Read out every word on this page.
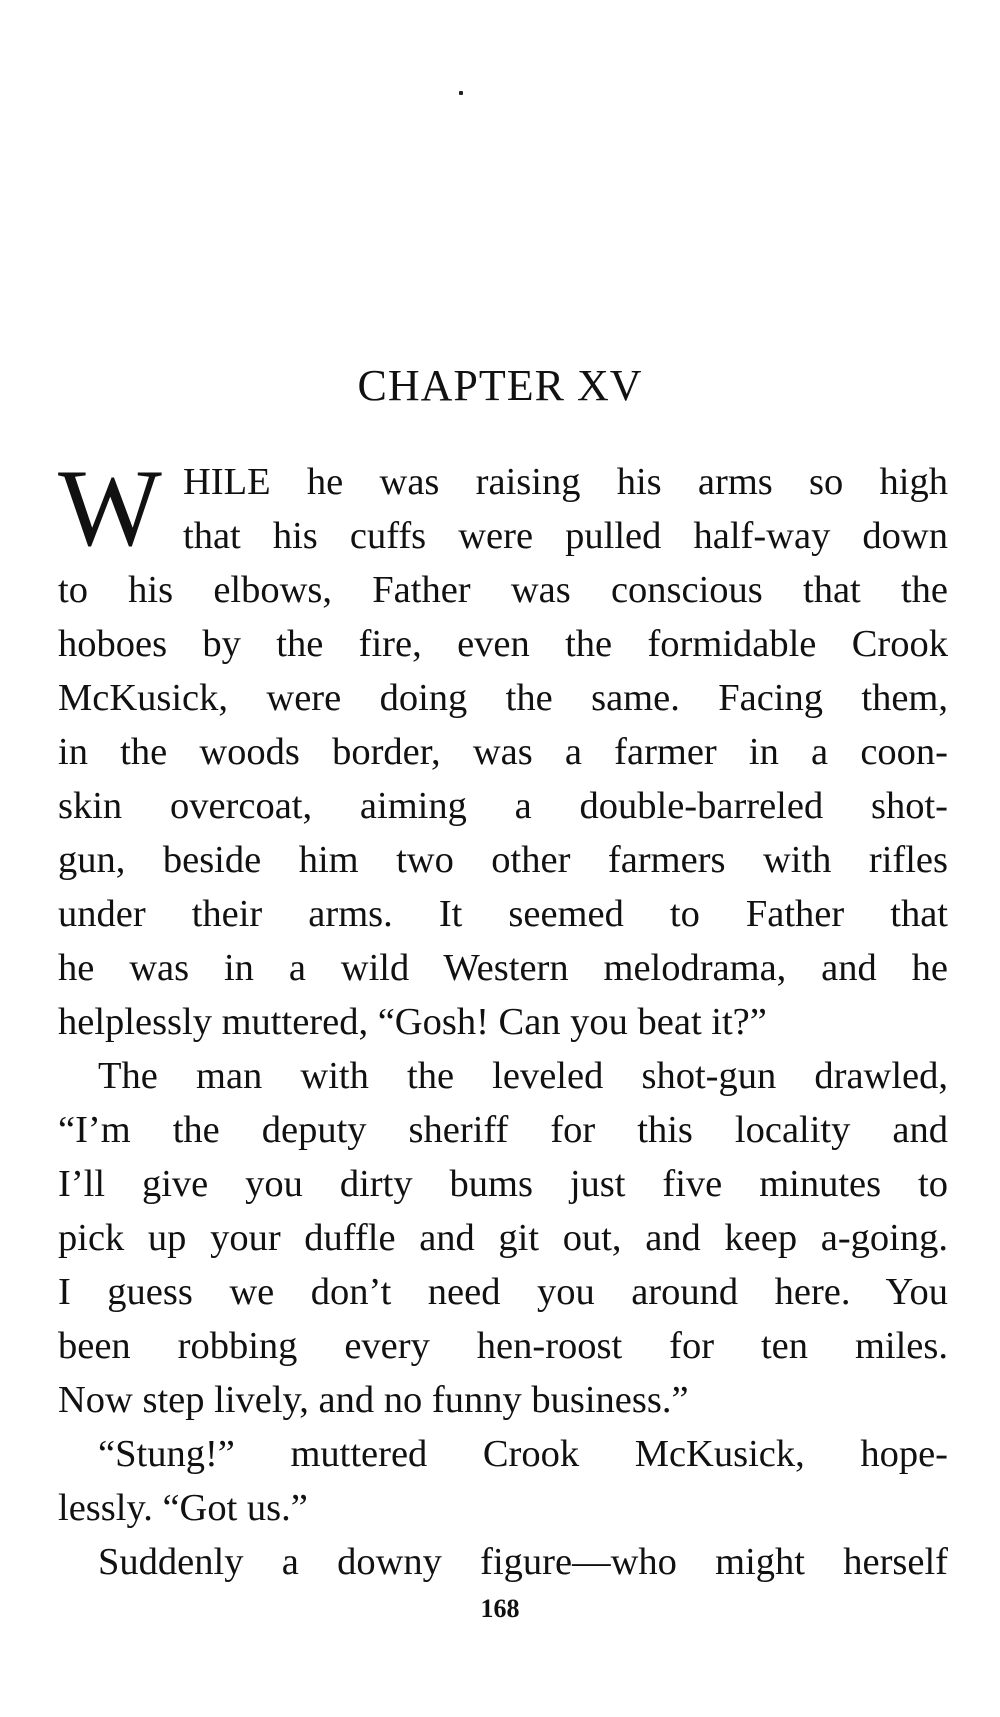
CHAPTER XV
W HILE he was raising his arms so high
that his cuffs were pulled half-way down
to his elbows, Father was conscious that the
hoboes by the fire, even the formidable Crook
McKusick, were doing the same. Facing them,
in the woods border, was a farmer in a coon-
skin overcoat, aiming a double-barreled shot-
gun, beside him two other farmers with rifles
under their arms. It seemed to Father that
he was in a wild Western melodrama, and he
helplessly muttered, “Gosh! Can you beat it?”
The man with the leveled shot-gun drawled,
“I’m the deputy sheriff for this locality and
I’ll give you dirty bums just five minutes to
pick up your duffle and git out, and keep a-going.
I guess we don’t need you around here. You
been robbing every hen-roost for ten miles.
Now step lively, and no funny business.”
“Stung!” muttered Crook McKusick, hope-
lessly. “Got us.”
Suddenly a downy figure—who might herself
168
